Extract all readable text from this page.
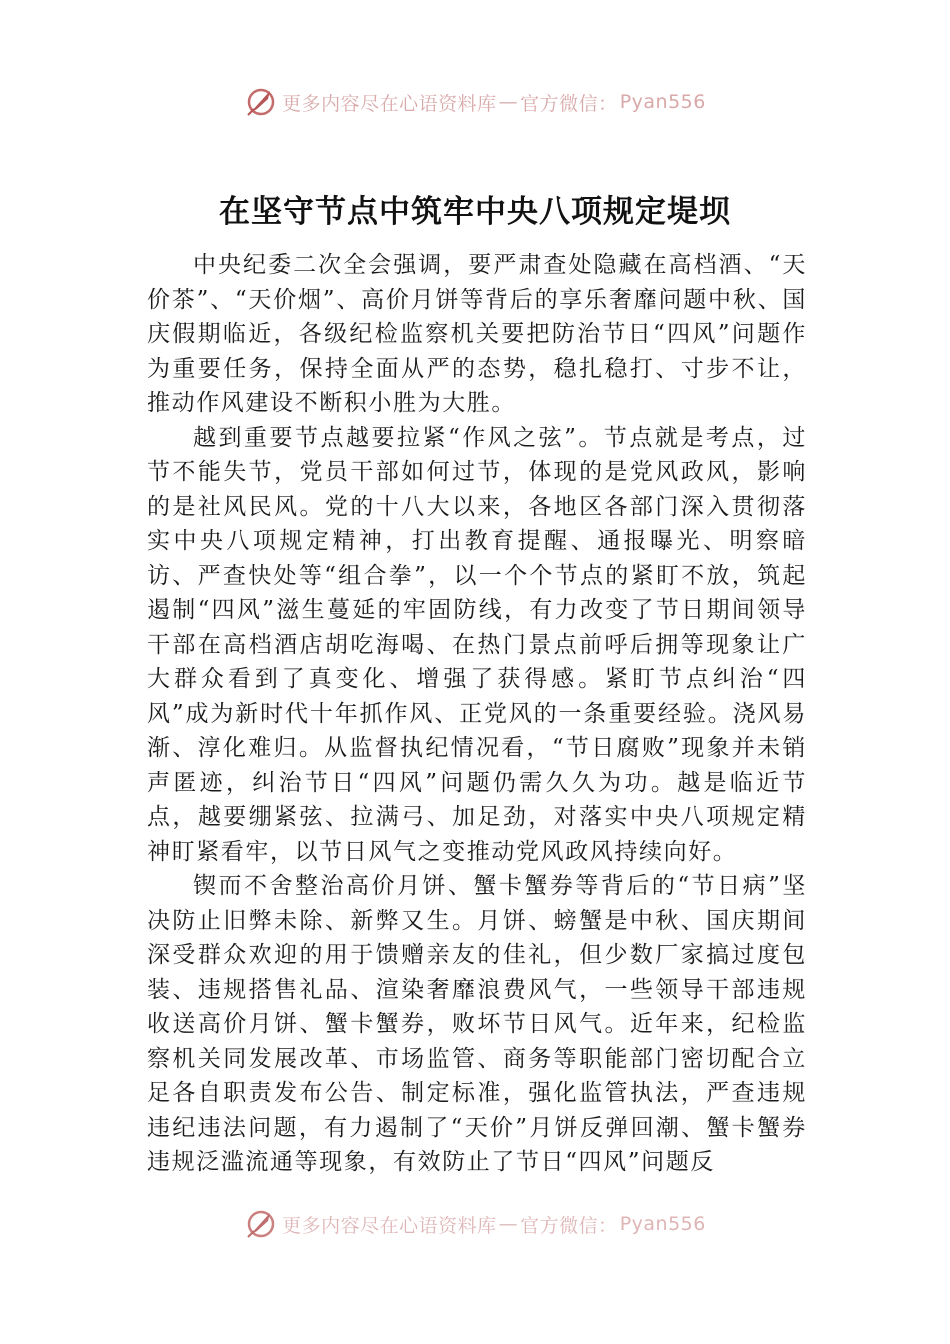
更多内容尽在心语资料库 — 官方微信： Pyan556
在坚守节点中筑牢中央八项规定堤坝

中央纪委二次全会强调，要严肃查处隐藏在高档酒、“天价茶”、“天价烟”、高价月饼等背后的享乐奢靡问题中秋、国庆假期临近，各级纪检监察机关要把防治节日“四风”问题作为重要任务，保持全面从严的态势，稳扎稳打、寸步不让，推动作风建设不断积小胜为大胜。

越到重要节点越要拉紧“作风之弦”。节点就是考点，过节不能失节，党员干部如何过节，体现的是党风政风，影响的是社风民风。党的十八大以来，各地区各部门深入贯彻落实中央八项规定精神，打出教育提醒、通报曝光、明察暗访、严查快处等“组合拳”，以一个个节点的紧盯不放，筑起遏制“四风”滋生蔓延的牢固防线，有力改变了节日期间领导干部在高档酒店胡吃海喝、在热门景点前呼后拥等现象让广大群众看到了真变化、增强了获得感。紧盯节点纠治“四风”成为新时代十年抓作风、正党风的一条重要经验。浇风易渐、淳化难归。从监督执纪情况看，“节日腐败”现象并未销声匿迹，纠治节日“四风”问题仍需久久为功。越是临近节点，越要绷紧弦、拉满弓、加足劲，对落实中央八项规定精神盯紧看牢，以节日风气之变推动党风政风持续向好。

锲而不舍整治高价月饼、蟹卡蟹券等背后的“节日病”坚决防止旧弊未除、新弊又生。月饼、螃蟹是中秋、国庆期间深受群众欢迎的用于馈赠亲友的佳礼，但少数厂家搞过度包装、违规搭售礼品、渲染奢靡浪费风气，一些领导干部违规收送高价月饼、蟹卡蟹券，败坏节日风气。近年来，纪检监察机关同发展改革、市场监管、商务等职能部门密切配合立足各自职责发布公告、制定标准，强化监管执法，严查违规违纪违法问题，有力遏制了“天价”月饼反弹回潮、蟹卡蟹券违规泛滥流通等现象，有效防止了节日“四风”问题反

更多内容尽在心语资料库 — 官方微信： Pyan556
